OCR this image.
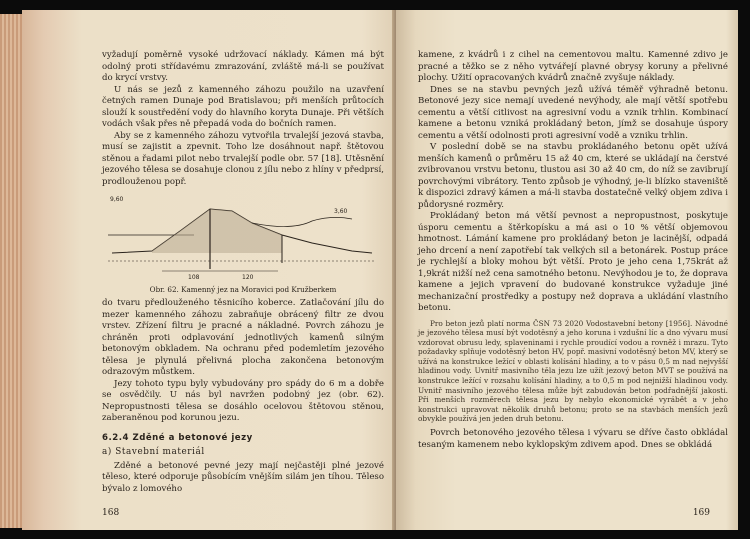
vyžadují poměrně vysoké udržovací náklady. Kámen má být odolný proti střídavému zmrazování, zvláště má-li se používat do krycí vrstvy.

U nás se jezů z kamenného záhozu použilo na uzavření četných ramen Dunaje pod Bratislavou; při menších průtocích slouží k soustředění vody do hlavního koryta Dunaje. Při větších vodách však přes ně přepadá voda do bočních ramen.

Aby se z kamenného záhozu vytvořila trvalejší jezová stavba, musí se zajistit a zpevnit. Toho lze dosáhnout např. štětovou stěnou a řadami pilot nebo trvalejší podle obr. 57 [18]. Utěsnění jezového tělesa se dosahuje clonou z jílu nebo z hlíny v předprsí, prodlouženou popř.

9,60
3,60
108	120
Obr. 62. Kamenný jez na Moravici pod Kružberkem

do tvaru předlouženého těsnicího koberce. Zatlačování jílu do mezer kamenného záhozu zabraňuje obrácený filtr ze dvou vrstev. Zřízení filtru je pracné a nákladné. Povrch záhozu je chráněn proti odplavování jednotlivých kamenů silným betonovým obkladem. Na ochranu před podemletím jezového tělesa je plynulá přelivná plocha zakončena betonovým odrazovým můstkem.

Jezy tohoto typu byly vybudovány pro spády do 6 m a dobře se osvědčily. U nás byl navržen podobný jez (obr. 62). Nepropustnosti tělesa se dosáhlo ocelovou štětovou stěnou, zaberaněnou pod korunou jezu.

6.2.4 Zděné a betonové jezy
a) Stavební materiál

Zděné a betonové pevné jezy mají nejčastěji plné jezové těleso, které odporuje působícím vnějším silám jen tíhou. Těleso bývalo z lomového

168

kamene, z kvádrů i z cihel na cementovou maltu. Kamenné zdivo je pracné a těžko se z něho vytvářejí plavné obrysy koruny a přelivné plochy. Užití opracovaných kvádrů značně zvyšuje náklady.

Dnes se na stavbu pevných jezů užívá téměř výhradně betonu. Betonové jezy sice nemají uvedené nevýhody, ale mají větší spotřebu cementu a větší citlivost na agresivní vodu a vznik trhlin. Kombinací kamene a betonu vzniká prokládaný beton, jímž se dosahuje úspory cementu a větší odolnosti proti agresivní vodě a vzniku trhlin.

V poslední době se na stavbu prokládaného betonu opět užívá menších kamenů o průměru 15 až 40 cm, které se ukládají na čerstvé zvibrovanou vrstvu betonu, tlustou asi 30 až 40 cm, do níž se zavibrují povrchovými vibrátory. Tento způsob je výhodný, je-li blízko staveniště k dispozici zdravý kámen a má-li stavba dostatečně velký objem zdiva i půdorysné rozměry.

Prokládaný beton má větší pevnost a nepropustnost, poskytuje úsporu cementu a štěrkopísku a má asi o 10 % větší objemovou hmotnost. Lámání kamene pro prokládaný beton je lacinější, odpadá jeho drcení a není zapotřebí tak velkých sil a betonárek. Postup práce je rychlejší a bloky mohou být větší. Proto je jeho cena 1,75krát až 1,9krát nižší než cena samotného betonu. Nevýhodou je to, že doprava kamene a jejich vpravení do budované konstrukce vyžaduje jiné mechanizační prostředky a postupy než doprava a ukládání vlastního betonu.

Pro beton jezů platí norma ČSN 73 2020 Vodostavební betony [1956]. Návodné je jezového tělesa musí být vodotěsný a jeho koruna i vzdušní líc a dno vývaru musí vzdorovat obrusu ledy, splaveninami i rychle proudící vodou a rovněž i mrazu. Tyto požadavky splňuje vodotěsný beton HV, popř. masivní vodotěsný beton MV, který se užívá na konstrukce ležící v oblasti kolísání hladiny, a to v pásu 0,5 m nad nejvyšší hladinou vody. Uvnitř masivního těla jezu lze užít jezový beton MVT se používá na konstrukce ležící v rozsahu kolísání hladiny, a to 0,5 m pod nejnižší hladinou vody. Uvnitř masivního jezového tělesa může být zabudován beton podřadnější jakosti. Při menších rozměrech tělesa jezu by nebylo ekonomické vyrábět a v jeho konstrukci upravovat několik druhů betonu; proto se na stavbách menších jezů obvykle používá jen jeden druh betonu.

Povrch betonového jezového tělesa i vývaru se dříve často obkládal tesaným kamenem nebo kyklopským zdivem apod. Dnes se obkládá

169
